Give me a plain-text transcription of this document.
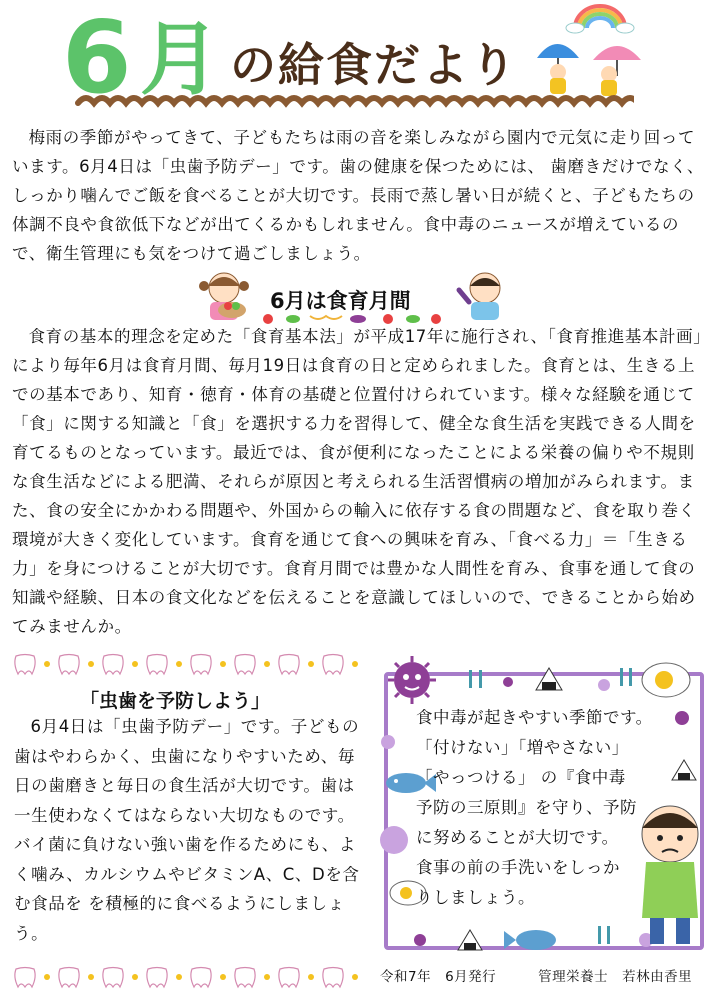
6 月 の給食だより
梅雨の季節がやってきて、子どもたちは雨の音を楽しみながら園内で元気に走り回っています。6月4日は「虫歯予防デー」です。歯の健康を保つためには、 歯磨きだけでなく、しっかり噛んでご飯を食べることが大切です。長雨で蒸し暑い日が続くと、子どもたちの体調不良や食欲低下などが出てくるかもしれません。食中毒のニュースが増えているので、衛生管理にも気をつけて過ごしましょう。
6月は食育月間
食育の基本的理念を定めた「食育基本法」が平成17年に施行され、「食育推進基本計画」により毎年6月は食育月間、毎月19日は食育の日と定められました。食育とは、生きる上での基本であり、知育・徳育・体育の基礎と位置付けられています。様々な経験を通じて「食」に関する知識と「食」を選択する力を習得して、健全な食生活を実践できる人間を育てるものとなっています。最近では、食が便利になったことによる栄養の偏りや不規則な食生活などによる肥満、それらが原因と考えられる生活習慣病の増加がみられます。また、食の安全にかかわる問題や、外国からの輸入に依存する食の問題など、食を取り巻く環境が大きく変化しています。食育を通じて食への興味を育み、「食べる力」＝「生きる力」を身につけることが大切です。食育月間では豊かな人間性を育み、食事を通して食の知識や経験、日本の食文化などを伝えることを意識してほしいので、できることから始めてみませんか。
「虫歯を予防しよう」
6月4日は「虫歯予防デー」です。子どもの歯はやわらかく、虫歯になりやすいため、毎日の歯磨きと毎日の食生活が大切です。歯は一生使わなくてはならない大切なものです。 バイ菌に負けない強い歯を作るためにも、よく噛み、カルシウムやビタミンA、C、Dを含む食品を を積極的に食べるようにしましょう。
食中毒が起きやすい季節です。
「付けない」「増やさない」
「やっつける」 の『食中毒
予防の三原則』を守り、予防
に努めることが大切です。
食事の前の手洗いをしっか
りしましょう。
令和7年　6月発行　　　管理栄養士　若林由香里
